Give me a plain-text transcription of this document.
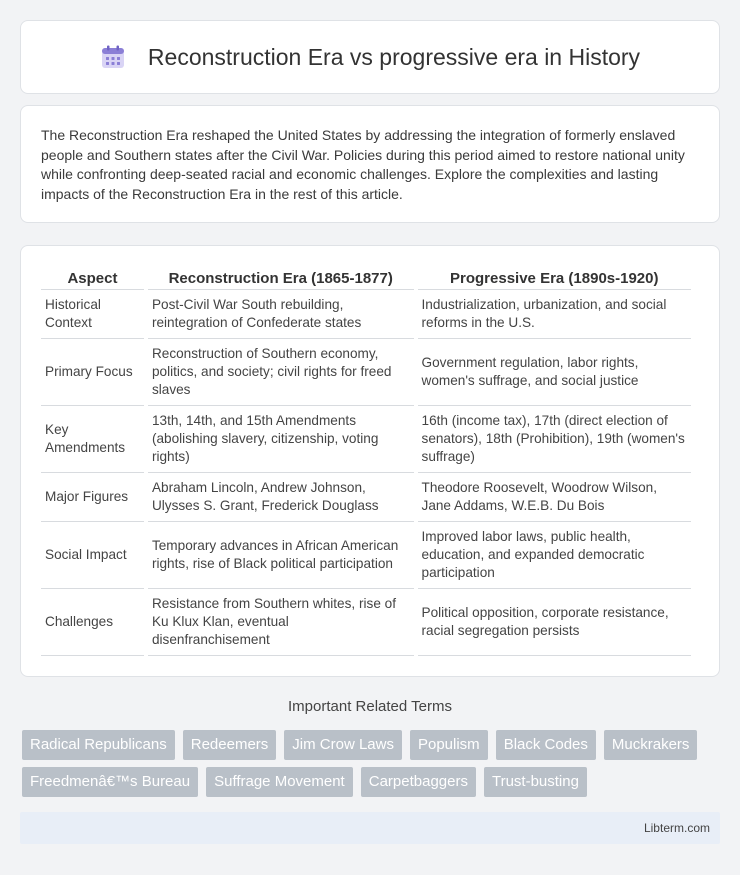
Reconstruction Era vs progressive era in History

The Reconstruction Era reshaped the United States by addressing the integration of formerly enslaved people and Southern states after the Civil War. Policies during this period aimed to restore national unity while confronting deep-seated racial and economic challenges. Explore the complexities and lasting impacts of the Reconstruction Era in the rest of this article.

Aspect	Reconstruction Era (1865-1877)	Progressive Era (1890s-1920)
Historical Context	Post-Civil War South rebuilding, reintegration of Confederate states	Industrialization, urbanization, and social reforms in the U.S.
Primary Focus	Reconstruction of Southern economy, politics, and society; civil rights for freed slaves	Government regulation, labor rights, women's suffrage, and social justice
Key Amendments	13th, 14th, and 15th Amendments (abolishing slavery, citizenship, voting rights)	16th (income tax), 17th (direct election of senators), 18th (Prohibition), 19th (women's suffrage)
Major Figures	Abraham Lincoln, Andrew Johnson, Ulysses S. Grant, Frederick Douglass	Theodore Roosevelt, Woodrow Wilson, Jane Addams, W.E.B. Du Bois
Social Impact	Temporary advances in African American rights, rise of Black political participation	Improved labor laws, public health, education, and expanded democratic participation
Challenges	Resistance from Southern whites, rise of Ku Klux Klan, eventual disenfranchisement	Political opposition, corporate resistance, racial segregation persists
Important Related Terms
Radical Republicans	Redeemers	Jim Crow Laws	Populism	Black Codes	Muckrakers
Freedmenâ€™s Bureau	Suffrage Movement	Carpetbaggers	Trust-busting
Libterm.com
